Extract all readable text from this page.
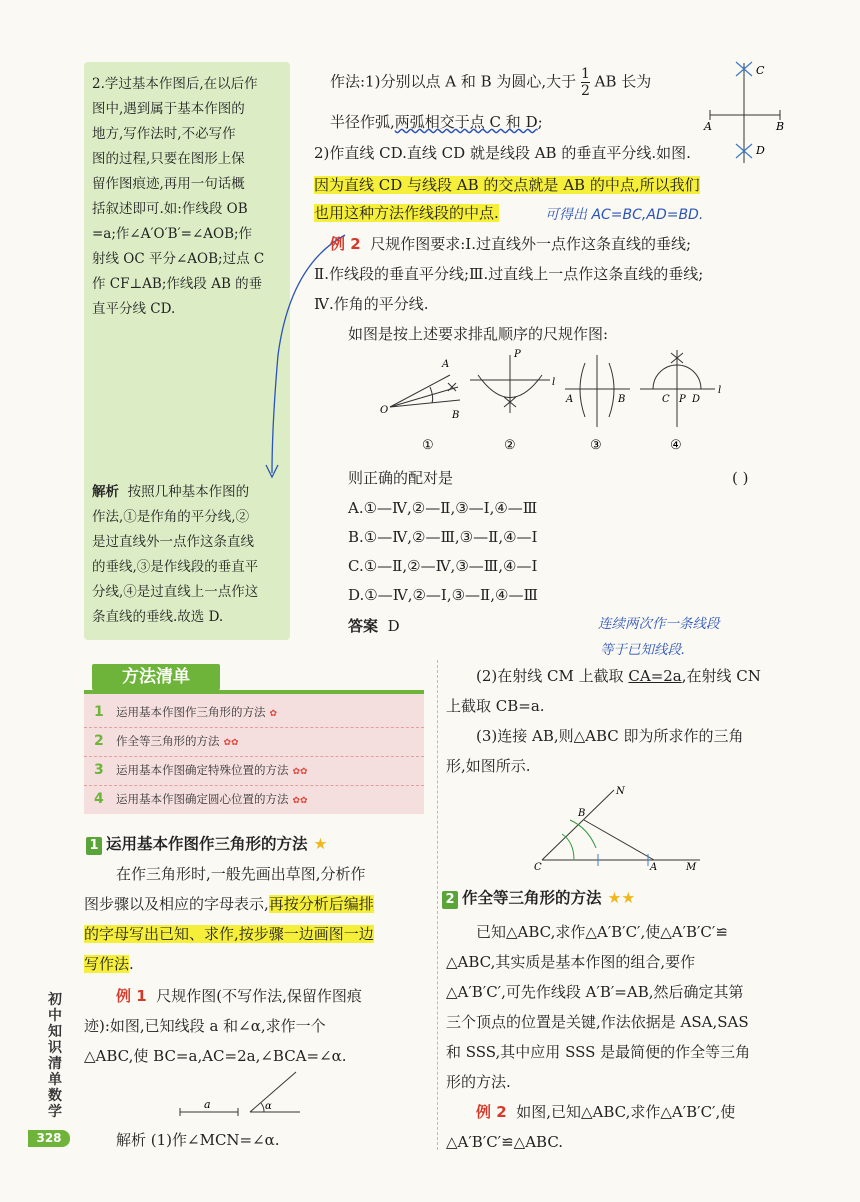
2.学过基本作图后,在以后作
图中,遇到属于基本作图的
地方,写作法时,不必写作
图的过程,只要在图形上保
留作图痕迹,再用一句话概
括叙述即可.如:作线段 OB
=a;作∠A′O′B′=∠AOB;作
射线 OC 平分∠AOB;过点 C
作 CF⊥AB;作线段 AB 的垂
直平分线 CD.
解析 按照几种基本作图的
作法,①是作角的平分线,②
是过直线外一点作这条直线
的垂线,③是作线段的垂直平
分线,④是过直线上一点作这
条直线的垂线.故选 D.
作法:1)分别以点 A 和 B 为圆心,大于 $\frac{1}{2}$ AB 长为
半径作弧,两弧相交于点 C 和 D;
2)作直线 CD.直线 CD 就是线段 AB 的垂直平分线.如图.
因为直线 CD 与线段 AB 的交点就是 AB 的中点,所以我们
也用这种方法作线段的中点.	可得出 AC=BC,AD=BD.
C
A	B
D
例 2 尺规作图要求:Ⅰ.过直线外一点作这条直线的垂线;
Ⅱ.作线段的垂直平分线;Ⅲ.过直线上一点作这条直线的垂线;
Ⅳ.作角的平分线.
如图是按上述要求排乱顺序的尺规作图:
A
B
O
P
l
A	B	C P D
l
①	②	③	④
则正确的配对是	( )
A.①—Ⅳ,②—Ⅱ,③—Ⅰ,④—Ⅲ
B.①—Ⅳ,②—Ⅲ,③—Ⅱ,④—Ⅰ
C.①—Ⅱ,②—Ⅳ,③—Ⅲ,④—Ⅰ
D.①—Ⅳ,②—Ⅰ,③—Ⅱ,④—Ⅲ
答案 D	连续两次作一条线段
等于已知线段.
方法清单
1 运用基本作图作三角形的方法 ✿
2 作全等三角形的方法 ✿✿
3 运用基本作图确定特殊位置的方法 ✿✿
4 运用基本作图确定圆心位置的方法 ✿✿
1 运用基本作图作三角形的方法 ★
在作三角形时,一般先画出草图,分析作
图步骤以及相应的字母表示,再按分析后编排
的字母写出已知、求作,按步骤一边画图一边
写作法.
例 1 尺规作图(不写作法,保留作图痕
迹):如图,已知线段 a 和∠α,求作一个
△ABC,使 BC=a,AC=2a,∠BCA=∠α.
a	α
解析 (1)作∠MCN=∠α.
(2)在射线 CM 上截取 CA=2a,在射线 CN
上截取 CB=a.
(3)连接 AB,则△ABC 即为所求作的三角
形,如图所示.
N
B
C	A	M
2 作全等三角形的方法 ★★
已知△ABC,求作△A′B′C′,使△A′B′C′≌
△ABC,其实质是基本作图的组合,要作
△A′B′C′,可先作线段 A′B′=AB,然后确定其第
三个顶点的位置是关键,作法依据是 ASA,SAS
和 SSS,其中应用 SSS 是最简便的作全等三角
形的方法.
例 2 如图,已知△ABC,求作△A′B′C′,使
△A′B′C′≌△ABC.
初中知识清单 数学
328
